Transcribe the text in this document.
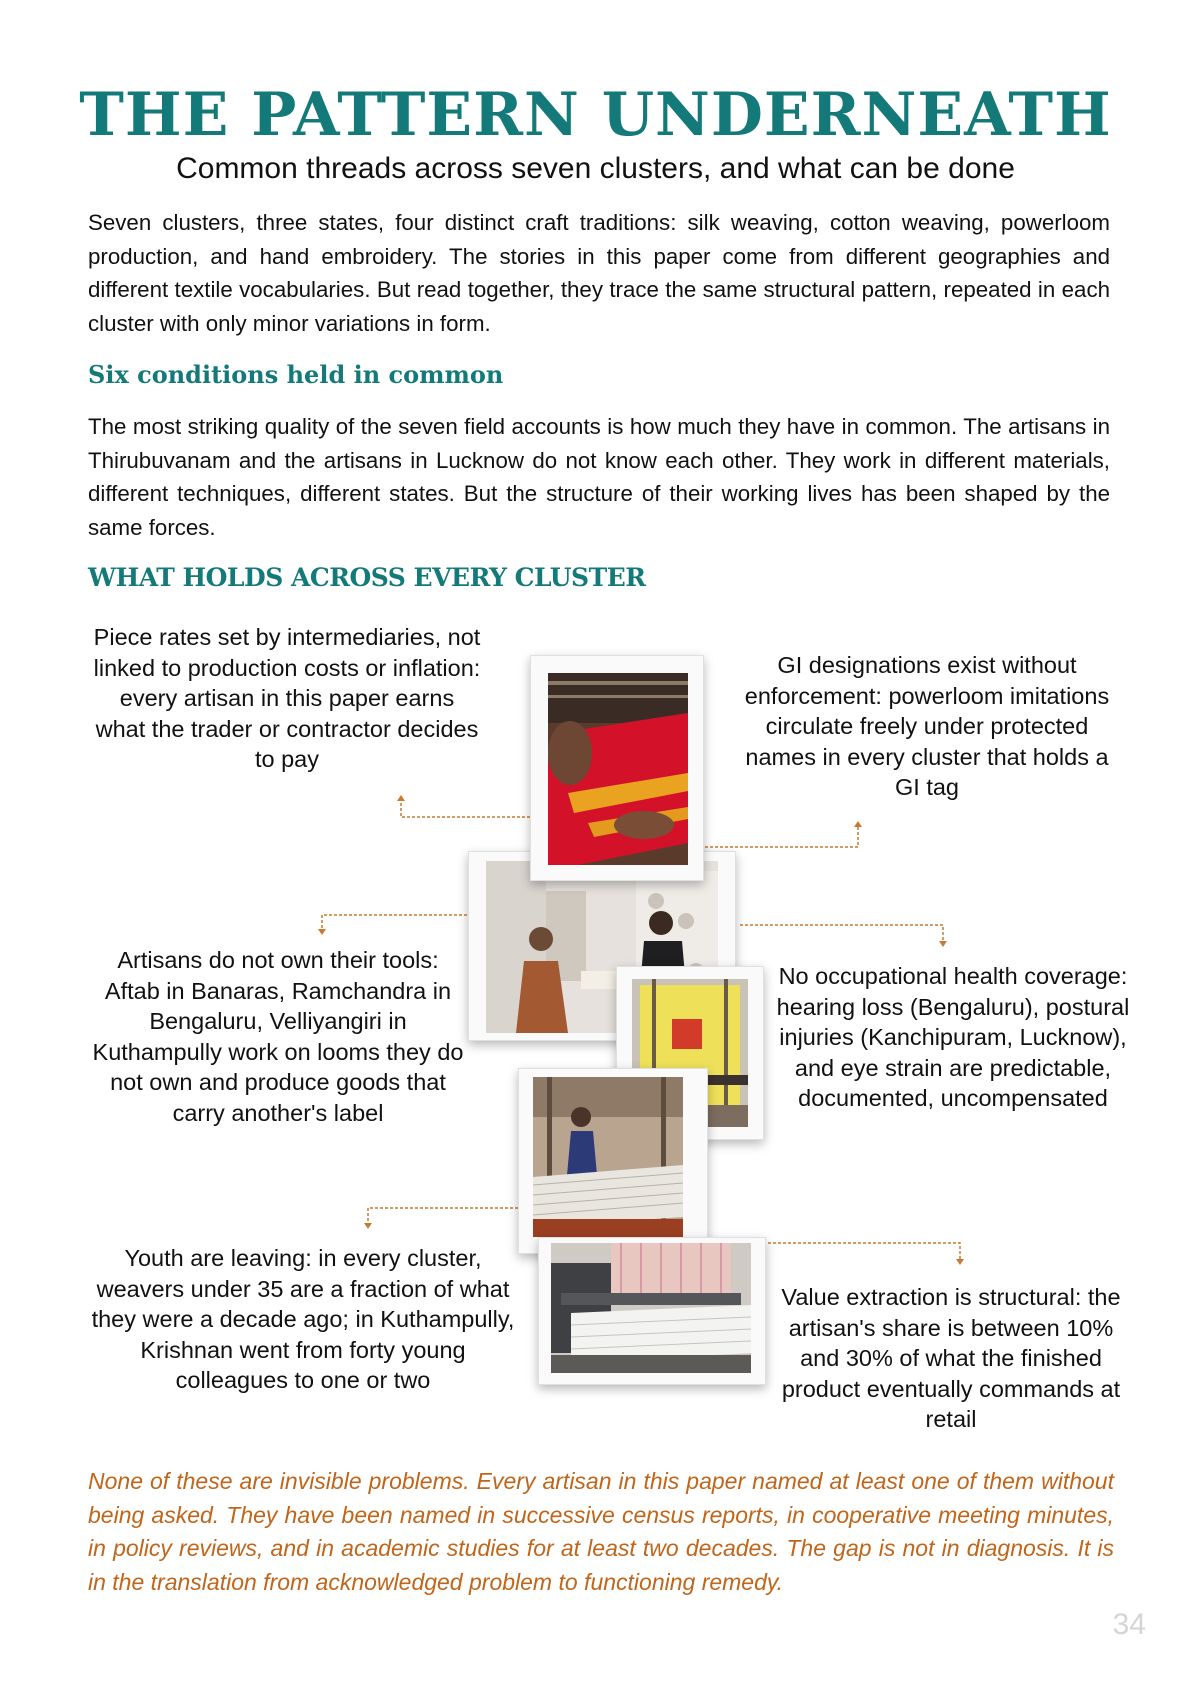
THE PATTERN UNDERNEATH
Common threads across seven clusters, and what can be done

Seven clusters, three states, four distinct craft traditions: silk weaving, cotton weaving, powerloom production, and hand embroidery. The stories in this paper come from different geographies and different textile vocabularies. But read together, they trace the same structural pattern, repeated in each cluster with only minor variations in form.

Six conditions held in common

The most striking quality of the seven field accounts is how much they have in common. The artisans in Thirubuvanam and the artisans in Lucknow do not know each other. They work in different materials, different techniques, different states. But the structure of their working lives has been shaped by the same forces.

WHAT HOLDS ACROSS EVERY CLUSTER

Piece rates set by intermediaries, not linked to production costs or inflation: every artisan in this paper earns what the trader or contractor decides to pay

GI designations exist without enforcement: powerloom imitations circulate freely under protected names in every cluster that holds a GI tag

Artisans do not own their tools: Aftab in Banaras, Ramchandra in Bengaluru, Velliyangiri in Kuthampully work on looms they do not own and produce goods that carry another's label

No occupational health coverage: hearing loss (Bengaluru), postural injuries (Kanchipuram, Lucknow), and eye strain are predictable, documented, uncompensated

Youth are leaving: in every cluster, weavers under 35 are a fraction of what they were a decade ago; in Kuthampully, Krishnan went from forty young colleagues to one or two

Value extraction is structural: the artisan's share is between 10% and 30% of what the finished product eventually commands at retail

None of these are invisible problems. Every artisan in this paper named at least one of them without being asked. They have been named in successive census reports, in cooperative meeting minutes, in policy reviews, and in academic studies for at least two decades. The gap is not in diagnosis. It is in the translation from acknowledged problem to functioning remedy.

34
